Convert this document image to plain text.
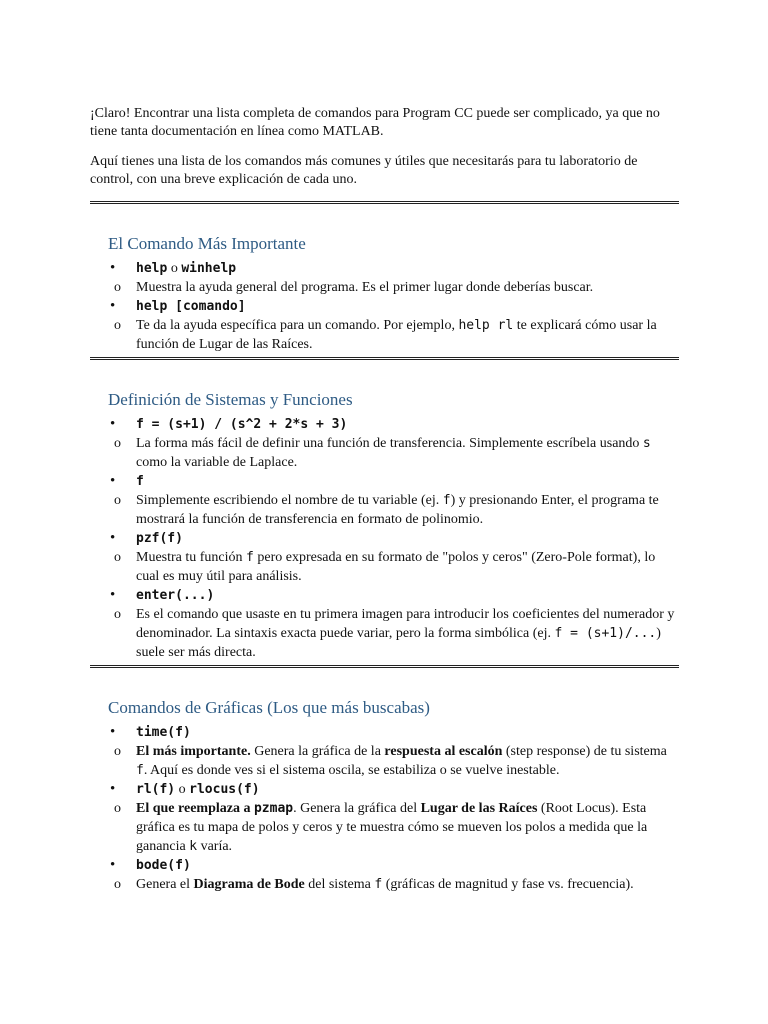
¡Claro! Encontrar una lista completa de comandos para Program CC puede ser complicado, ya que no tiene tanta documentación en línea como MATLAB.

Aquí tienes una lista de los comandos más comunes y útiles que necesitarás para tu laboratorio de control, con una breve explicación de cada uno.

El Comando Más Importante
• help o winhelp
o Muestra la ayuda general del programa. Es el primer lugar donde deberías buscar.
• help [comando]
o Te da la ayuda específica para un comando. Por ejemplo, help rl te explicará cómo usar la función de Lugar de las Raíces.
Definición de Sistemas y Funciones
• f = (s+1) / (s^2 + 2*s + 3)
o La forma más fácil de definir una función de transferencia. Simplemente escríbela usando s como la variable de Laplace.
• f
o Simplemente escribiendo el nombre de tu variable (ej. f) y presionando Enter, el programa te mostrará la función de transferencia en formato de polinomio.
• pzf(f)
o Muestra tu función f pero expresada en su formato de "polos y ceros" (Zero-Pole format), lo cual es muy útil para análisis.
• enter(...)
o Es el comando que usaste en tu primera imagen para introducir los coeficientes del numerador y denominador. La sintaxis exacta puede variar, pero la forma simbólica (ej. f = (s+1)/...) suele ser más directa.
Comandos de Gráficas (Los que más buscabas)
• time(f)
o El más importante. Genera la gráfica de la respuesta al escalón (step response) de tu sistema f. Aquí es donde ves si el sistema oscila, se estabiliza o se vuelve inestable.
• rl(f) o rlocus(f)
o El que reemplaza a pzmap. Genera la gráfica del Lugar de las Raíces (Root Locus). Esta gráfica es tu mapa de polos y ceros y te muestra cómo se mueven los polos a medida que la ganancia k varía.
• bode(f)
o Genera el Diagrama de Bode del sistema f (gráficas de magnitud y fase vs. frecuencia).
